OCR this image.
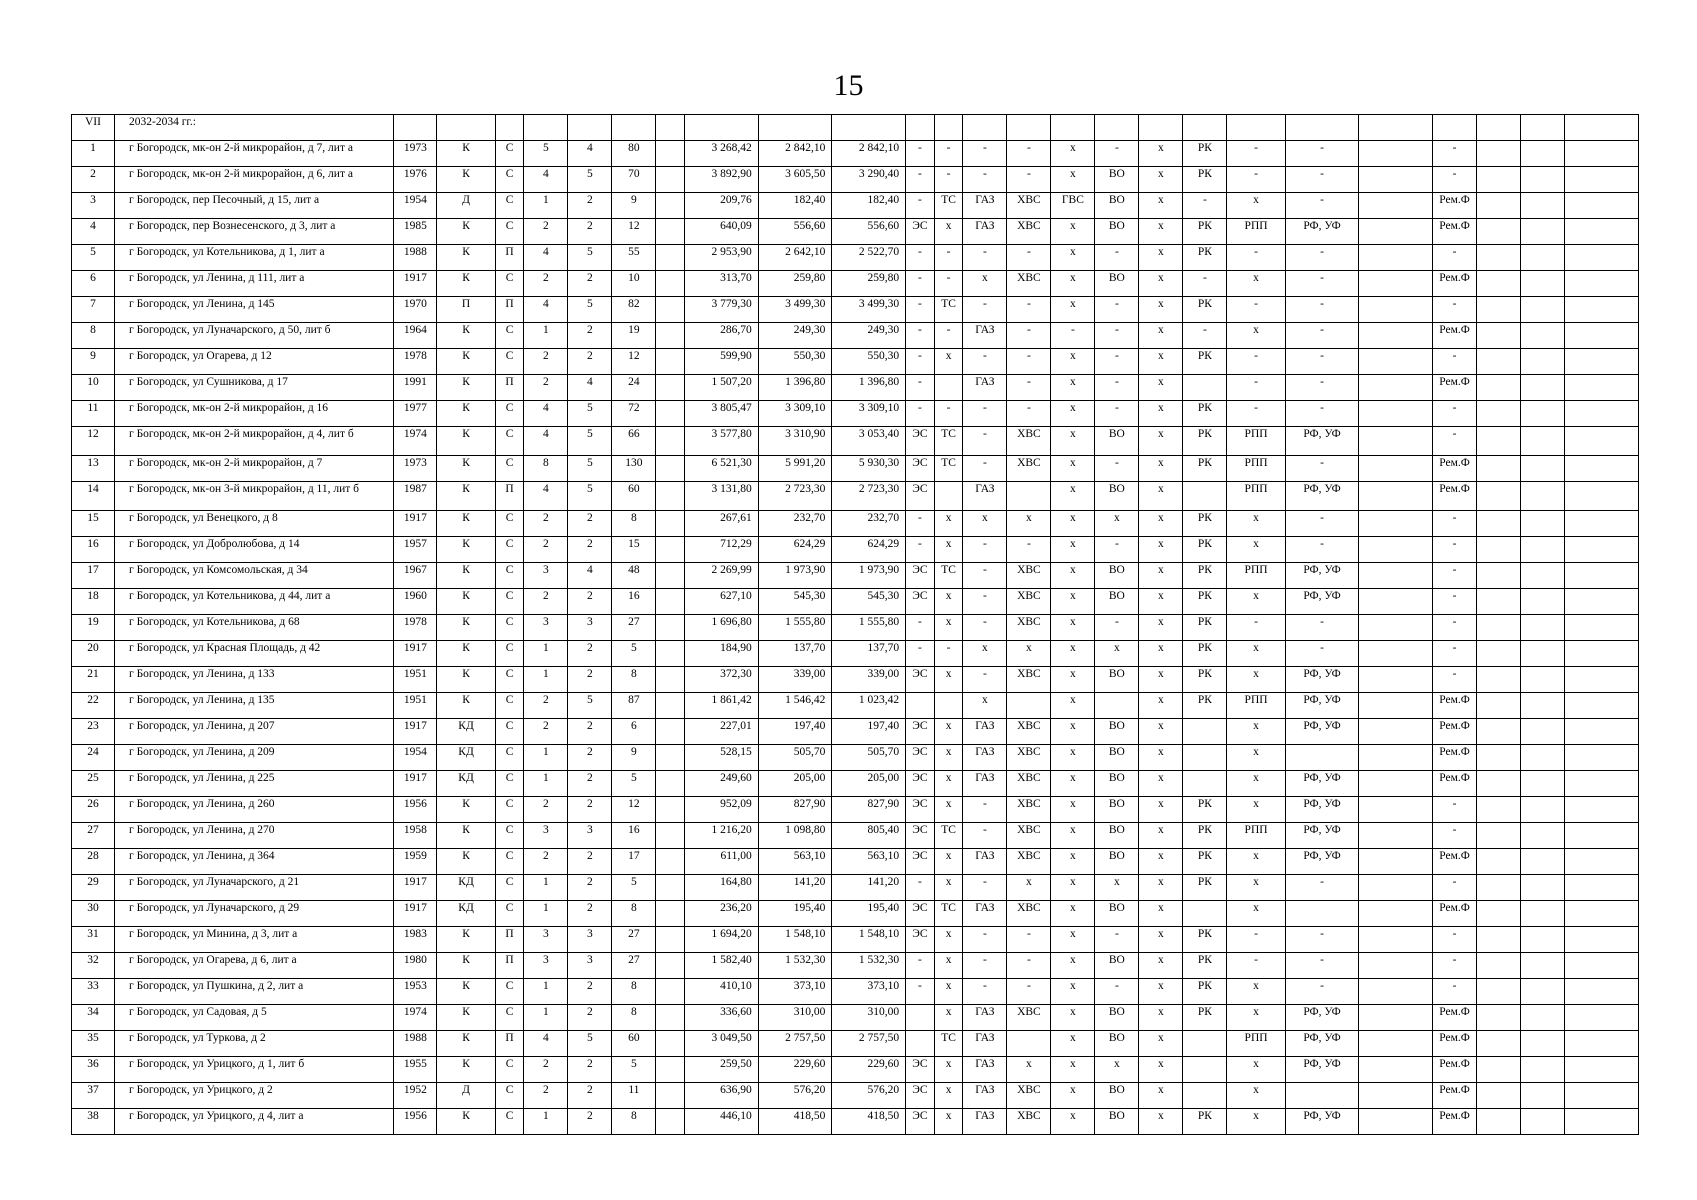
15
VII	2032-2034 гг.:																									
1	г Богородск, мк-он 2-й микрорайон, д 7, лит а	1973	К	С	5	4	80		3 268,42	2 842,10	2 842,10	-	-	-	-	х	-	х	РК	-	-		-			
2	г Богородск, мк-он 2-й микрорайон, д 6, лит а	1976	К	С	4	5	70		3 892,90	3 605,50	3 290,40	-	-	-	-	х	ВО	х	РК	-	-		-			
3	г Богородск, пер Песочный, д 15, лит а	1954	Д	С	1	2	9		209,76	182,40	182,40	-	ТС	ГАЗ	ХВС	ГВС	ВО	х	-	х	-		Рем.Ф			
4	г Богородск, пер Вознесенского, д 3, лит а	1985	К	С	2	2	12		640,09	556,60	556,60	ЭС	х	ГАЗ	ХВС	х	ВО	х	РК	РПП	РФ, УФ		Рем.Ф			
5	г Богородск, ул Котельникова, д 1, лит а	1988	К	П	4	5	55		2 953,90	2 642,10	2 522,70	-	-	-	-	х	-	х	РК	-	-		-			
6	г Богородск, ул Ленина, д 111, лит а	1917	К	С	2	2	10		313,70	259,80	259,80	-	-	х	ХВС	х	ВО	х	-	х	-		Рем.Ф			
7	г Богородск, ул Ленина, д 145	1970	П	П	4	5	82		3 779,30	3 499,30	3 499,30	-	ТС	-	-	х	-	х	РК	-	-		-			
8	г Богородск, ул Луначарского, д 50, лит б	1964	К	С	1	2	19		286,70	249,30	249,30	-	-	ГАЗ	-	-	-	х	-	х	-		Рем.Ф			
9	г Богородск, ул Огарева, д 12	1978	К	С	2	2	12		599,90	550,30	550,30	-	х	-	-	х	-	х	РК	-	-		-			
10	г Богородск, ул Сушникова, д 17	1991	К	П	2	4	24		1 507,20	1 396,80	1 396,80	-		ГАЗ	-	х	-	х		-	-		Рем.Ф			
11	г Богородск, мк-он 2-й микрорайон, д 16	1977	К	С	4	5	72		3 805,47	3 309,10	3 309,10	-	-	-	-	х	-	х	РК	-	-		-			
12	г Богородск, мк-он 2-й микрорайон, д 4, лит б	1974	К	С	4	5	66		3 577,80	3 310,90	3 053,40	ЭС	ТС	-	ХВС	х	ВО	х	РК	РПП	РФ, УФ		-			
13	г Богородск, мк-он 2-й микрорайон, д 7	1973	К	С	8	5	130		6 521,30	5 991,20	5 930,30	ЭС	ТС	-	ХВС	х	-	х	РК	РПП	-		Рем.Ф			
14	г Богородск, мк-он 3-й микрорайон, д 11, лит б	1987	К	П	4	5	60		3 131,80	2 723,30	2 723,30	ЭС		ГАЗ		х	ВО	х		РПП	РФ, УФ		Рем.Ф			
15	г Богородск, ул Венецкого, д 8	1917	К	С	2	2	8		267,61	232,70	232,70	-	х	х	х	х	х	х	РК	х	-		-			
16	г Богородск, ул Добролюбова, д 14	1957	К	С	2	2	15		712,29	624,29	624,29	-	х	-	-	х	-	х	РК	х	-		-			
17	г Богородск, ул Комсомольская, д 34	1967	К	С	3	4	48		2 269,99	1 973,90	1 973,90	ЭС	ТС	-	ХВС	х	ВО	х	РК	РПП	РФ, УФ		-			
18	г Богородск, ул Котельникова, д 44, лит а	1960	К	С	2	2	16		627,10	545,30	545,30	ЭС	х	-	ХВС	х	ВО	х	РК	х	РФ, УФ		-			
19	г Богородск, ул Котельникова, д 68	1978	К	С	3	3	27		1 696,80	1 555,80	1 555,80	-	х	-	ХВС	х	-	х	РК	-	-		-			
20	г Богородск, ул Красная Площадь, д 42	1917	К	С	1	2	5		184,90	137,70	137,70	-	-	х	х	х	х	х	РК	х	-		-			
21	г Богородск, ул Ленина, д 133	1951	К	С	1	2	8		372,30	339,00	339,00	ЭС	х	-	ХВС	х	ВО	х	РК	х	РФ, УФ		-			
22	г Богородск, ул Ленина, д 135	1951	К	С	2	5	87		1 861,42	1 546,42	1 023,42			х		х		х	РК	РПП	РФ, УФ		Рем.Ф			
23	г Богородск, ул Ленина, д 207	1917	КД	С	2	2	6		227,01	197,40	197,40	ЭС	х	ГАЗ	ХВС	х	ВО	х		х	РФ, УФ		Рем.Ф			
24	г Богородск, ул Ленина, д 209	1954	КД	С	1	2	9		528,15	505,70	505,70	ЭС	х	ГАЗ	ХВС	х	ВО	х		х			Рем.Ф			
25	г Богородск, ул Ленина, д 225	1917	КД	С	1	2	5		249,60	205,00	205,00	ЭС	х	ГАЗ	ХВС	х	ВО	х		х	РФ, УФ		Рем.Ф			
26	г Богородск, ул Ленина, д 260	1956	К	С	2	2	12		952,09	827,90	827,90	ЭС	х	-	ХВС	х	ВО	х	РК	х	РФ, УФ		-			
27	г Богородск, ул Ленина, д 270	1958	К	С	3	3	16		1 216,20	1 098,80	805,40	ЭС	ТС	-	ХВС	х	ВО	х	РК	РПП	РФ, УФ		-			
28	г Богородск, ул Ленина, д 364	1959	К	С	2	2	17		611,00	563,10	563,10	ЭС	х	ГАЗ	ХВС	х	ВО	х	РК	х	РФ, УФ		Рем.Ф			
29	г Богородск, ул Луначарского, д 21	1917	КД	С	1	2	5		164,80	141,20	141,20	-	х	-	х	х	х	х	РК	х	-		-			
30	г Богородск, ул Луначарского, д 29	1917	КД	С	1	2	8		236,20	195,40	195,40	ЭС	ТС	ГАЗ	ХВС	х	ВО	х		х			Рем.Ф			
31	г Богородск, ул Минина, д 3, лит а	1983	К	П	3	3	27		1 694,20	1 548,10	1 548,10	ЭС	х	-	-	х	-	х	РК	-	-		-			
32	г Богородск, ул Огарева, д 6, лит а	1980	К	П	3	3	27		1 582,40	1 532,30	1 532,30	-	х	-	-	х	ВО	х	РК	-	-		-			
33	г Богородск, ул Пушкина, д 2, лит а	1953	К	С	1	2	8		410,10	373,10	373,10	-	х	-	-	х	-	х	РК	х	-		-			
34	г Богородск, ул Садовая, д 5	1974	К	С	1	2	8		336,60	310,00	310,00		х	ГАЗ	ХВС	х	ВО	х	РК	х	РФ, УФ		Рем.Ф			
35	г Богородск, ул Туркова, д 2	1988	К	П	4	5	60		3 049,50	2 757,50	2 757,50		ТС	ГАЗ		х	ВО	х		РПП	РФ, УФ		Рем.Ф			
36	г Богородск, ул Урицкого, д 1, лит б	1955	К	С	2	2	5		259,50	229,60	229,60	ЭС	х	ГАЗ	х	х	х	х		х	РФ, УФ		Рем.Ф			
37	г Богородск, ул Урицкого, д 2	1952	Д	С	2	2	11		636,90	576,20	576,20	ЭС	х	ГАЗ	ХВС	х	ВО	х		х			Рем.Ф			
38	г Богородск, ул Урицкого, д 4, лит а	1956	К	С	1	2	8		446,10	418,50	418,50	ЭС	х	ГАЗ	ХВС	х	ВО	х	РК	х	РФ, УФ		Рем.Ф			
